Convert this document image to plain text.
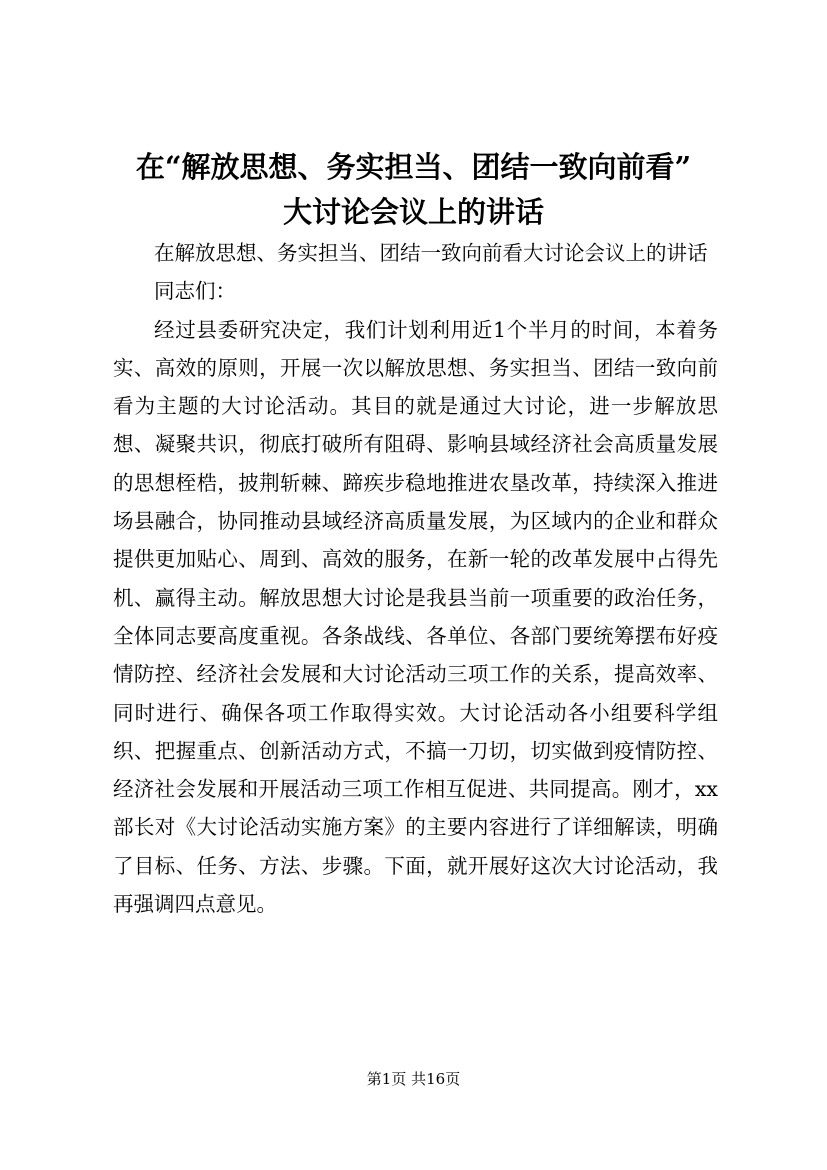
在“解放思想、务实担当、团结一致向前看”
大讨论会议上的讲话

在解放思想、务实担当、团结一致向前看大讨论会议上的讲话

同志们：

经过县委研究决定，我们计划利用近1个半月的时间，本着务实、高效的原则，开展一次以解放思想、务实担当、团结一致向前看为主题的大讨论活动。其目的就是通过大讨论，进一步解放思想、凝聚共识，彻底打破所有阻碍、影响县域经济社会高质量发展的思想桎梏，披荆斩棘、蹄疾步稳地推进农垦改革，持续深入推进场县融合，协同推动县域经济高质量发展，为区域内的企业和群众提供更加贴心、周到、高效的服务，在新一轮的改革发展中占得先机、赢得主动。解放思想大讨论是我县当前一项重要的政治任务，全体同志要高度重视。各条战线、各单位、各部门要统筹摆布好疫情防控、经济社会发展和大讨论活动三项工作的关系，提高效率、同时进行、确保各项工作取得实效。大讨论活动各小组要科学组织、把握重点、创新活动方式，不搞一刀切，切实做到疫情防控、经济社会发展和开展活动三项工作相互促进、共同提高。刚才，xx部长对《大讨论活动实施方案》的主要内容进行了详细解读，明确了目标、任务、方法、步骤。下面，就开展好这次大讨论活动，我再强调四点意见。

第1页 共16页
